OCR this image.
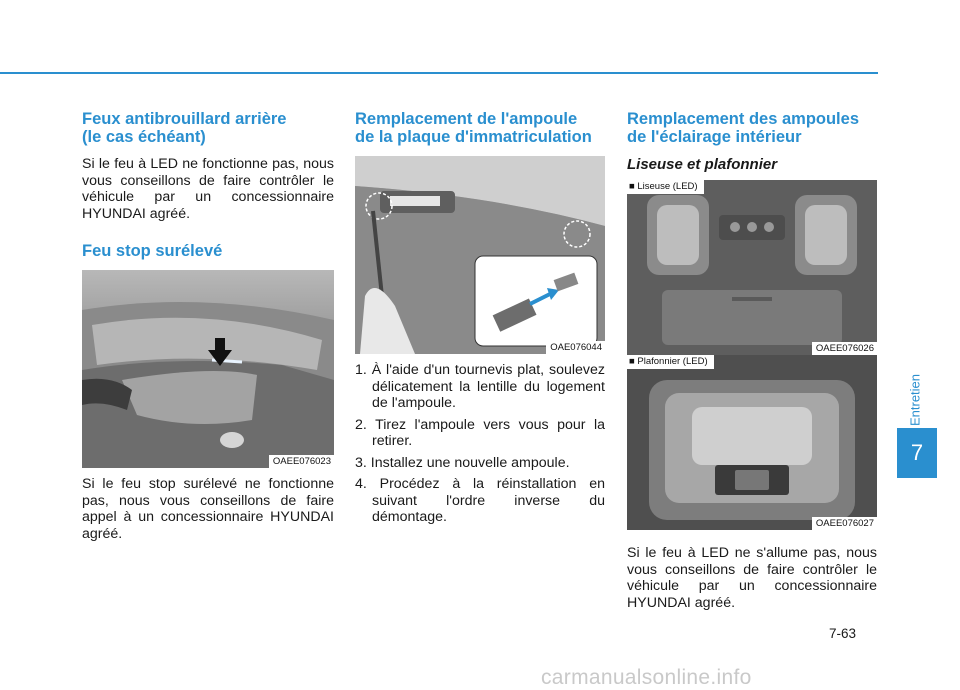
Feux antibrouillard arrière
(le cas échéant)

Si le feu à LED ne fonctionne pas, nous vous conseillons de faire contrôler le véhicule par un concessionnaire HYUNDAI agréé.

Feu stop surélevé
OAEE076023

Si le feu stop surélevé ne fonctionne pas, nous vous conseillons de faire appel à un concessionnaire HYUNDAI agréé.

Remplacement de l'ampoule
de la plaque d'immatriculation
OAE076044
1. À l'aide d'un tournevis plat, soulevez délicatement la lentille du logement de l'ampoule.
2. Tirez l'ampoule vers vous pour la retirer.
3. Installez une nouvelle ampoule.
4. Procédez à la réinstallation en suivant l'ordre inverse du démontage.
Remplacement des ampoules
de l'éclairage intérieur
Liseuse et plafonnier
■ Liseuse (LED)
OAEE076026
■ Plafonnier (LED)
OAEE076027

Si le feu à LED ne s'allume pas, nous vous conseillons de faire contrôler le véhicule par un concessionnaire HYUNDAI agréé.

Entretien
7
7-63
carmanualsonline.info
